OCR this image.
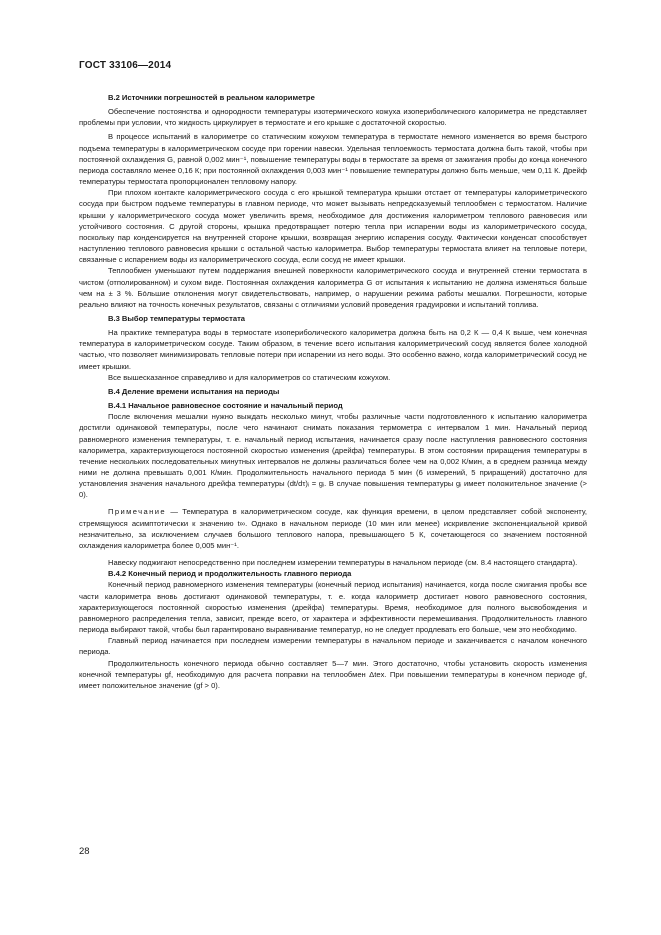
ГОСТ 33106—2014
В.2 Источники погрешностей в реальном калориметре

Обеспечение постоянства и однородности температуры изотермического кожуха изопериболического калориметра не представляет проблемы при условии, что жидкость циркулирует в термостате и его крышке с достаточной скоростью.

В процессе испытаний в калориметре со статическим кожухом температура в термостате немного изменяется во время быстрого подъема температуры в калориметрическом сосуде при горении навески. Удельная теплоемкость термостата должна быть такой, чтобы при постоянной охлаждения G, равной 0,002 мин⁻¹, повышение температуры воды в термостате за время от зажигания пробы до конца конечного периода составляло менее 0,16 К; при постоянной охлаждения 0,003 мин⁻¹ повышение температуры должно быть меньше, чем 0,11 К. Дрейф температуры термостата пропорционален тепловому напору.

При плохом контакте калориметрического сосуда с его крышкой температура крышки отстает от температуры калориметрического сосуда при быстром подъеме температуры в главном периоде, что может вызывать непредсказуемый теплообмен с термостатом. Наличие крышки у калориметрического сосуда может увеличить время, необходимое для достижения калориметром теплового равновесия или устойчивого состояния. С другой стороны, крышка предотвращает потерю тепла при испарении воды из калориметрического сосуда, поскольку пар конденсируется на внутренней стороне крышки, возвращая энергию испарения сосуду. Фактически конденсат способствует наступлению теплового равновесия крышки с остальной частью калориметра. Выбор температуры термостата влияет на тепловые потери, связанные с испарением воды из калориметрического сосуда, если сосуд не имеет крышки.

Теплообмен уменьшают путем поддержания внешней поверхности калориметрического сосуда и внутренней стенки термостата в чистом (отполированном) и сухом виде. Постоянная охлаждения калориметра G от испытания к испытанию не должна изменяться больше чем на ± 3 %. Бо́льшие отклонения могут свидетельствовать, например, о нарушении режима работы мешалки. Погрешности, которые реально влияют на точность конечных результатов, связаны с отличиями условий проведения градуировки и испытаний топлива.

В.3 Выбор температуры термостата

На практике температура воды в термостате изопериболического калориметра должна быть на 0,2 К — 0,4 К выше, чем конечная температура в калориметрическом сосуде. Таким образом, в течение всего испытания калориметрический сосуд является более холодной частью, что позволяет минимизировать тепловые потери при испарении из него воды. Это особенно важно, когда калориметрический сосуд не имеет крышки.

Все вышесказанное справедливо и для калориметров со статическим кожухом.

В.4 Деление времени испытания на периоды
В.4.1 Начальное равновесное состояние и начальный период

После включения мешалки нужно выждать несколько минут, чтобы различные части подготовленного к испытанию калориметра достигли одинаковой температуры, после чего начинают снимать показания термометра с интервалом 1 мин. Начальный период равномерного изменения температуры, т. е. начальный период испытания, начинается сразу после наступления равновесного состояния калориметра, характеризующегося постоянной скоростью изменения (дрейфа) температуры. В этом состоянии приращения температуры в течение нескольких последовательных минутных интервалов не должны различаться более чем на 0,002 К/мин, а в среднем разница между ними не должна превышать 0,001 К/мин. Продолжительность начального периода 5 мин (6 измерений, 5 приращений) достаточно для установления значения начального дрейфа температуры (dt/dτ)ᵢ = gᵢ. В случае повышения температуры gᵢ имеет положительное значение (> 0).

Примечание — Температура в калориметрическом сосуде, как функция времени, в целом представляет собой экспоненту, стремящуюся асимптотически к значению t∞. Однако в начальном периоде (10 мин или менее) искривление экспоненциальной кривой незначительно, за исключением случаев большого теплового напора, превышающего 5 К, сочетающегося со значением постоянной охлаждения калориметра более 0,005 мин⁻¹.

Навеску поджигают непосредственно при последнем измерении температуры в начальном периоде (см. 8.4 настоящего стандарта).

В.4.2 Конечный период и продолжительность главного периода

Конечный период равномерного изменения температуры (конечный период испытания) начинается, когда после сжигания пробы все части калориметра вновь достигают одинаковой температуры, т. е. когда калориметр достигает нового равновесного состояния, характеризующегося постоянной скоростью изменения (дрейфа) температуры. Время, необходимое для полного высвобождения и равномерного распределения тепла, зависит, прежде всего, от характера и эффективности перемешивания. Продолжительность главного периода выбирают такой, чтобы был гарантировано выравнивание температур, но не следует продлевать его больше, чем это необходимо.

Главный период начинается при последнем измерении температуры в начальном периоде и заканчивается с началом конечного периода.

Продолжительность конечного периода обычно составляет 5—7 мин. Этого достаточно, чтобы установить скорость изменения конечной температуры gf, необходимую для расчета поправки на теплообмен Δtex. При повышении температуры в конечном периоде gf, имеет положительное значение (gf > 0).

28
